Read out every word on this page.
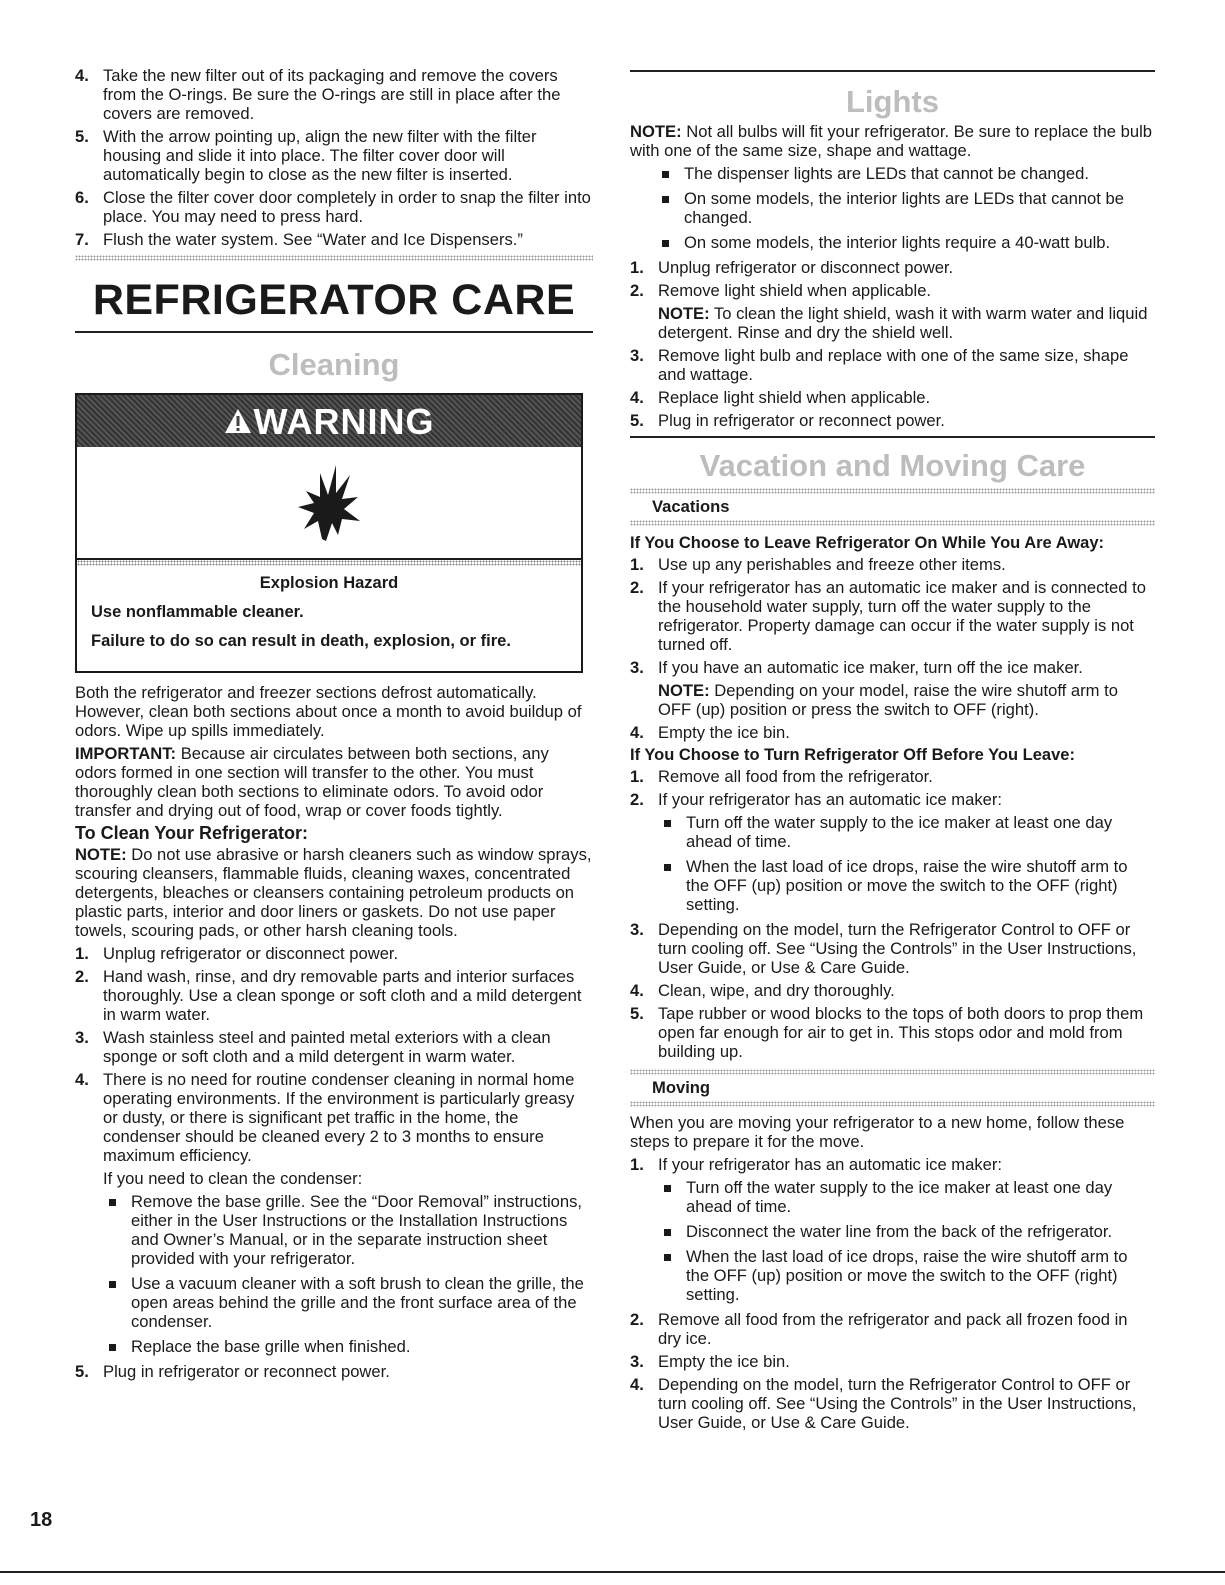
4. Take the new filter out of its packaging and remove the covers from the O-rings. Be sure the O-rings are still in place after the covers are removed.
5. With the arrow pointing up, align the new filter with the filter housing and slide it into place. The filter cover door will automatically begin to close as the new filter is inserted.
6. Close the filter cover door completely in order to snap the filter into place. You may need to press hard.
7. Flush the water system. See “Water and Ice Dispensers.”
REFRIGERATOR CARE
Cleaning
WARNING
Explosion Hazard
Use nonflammable cleaner.
Failure to do so can result in death, explosion, or fire.

Both the refrigerator and freezer sections defrost automatically. However, clean both sections about once a month to avoid buildup of odors. Wipe up spills immediately.

IMPORTANT: Because air circulates between both sections, any odors formed in one section will transfer to the other. You must thoroughly clean both sections to eliminate odors. To avoid odor transfer and drying out of food, wrap or cover foods tightly.

To Clean Your Refrigerator:

NOTE: Do not use abrasive or harsh cleaners such as window sprays, scouring cleansers, flammable fluids, cleaning waxes, concentrated detergents, bleaches or cleansers containing petroleum products on plastic parts, interior and door liners or gaskets. Do not use paper towels, scouring pads, or other harsh cleaning tools.

1. Unplug refrigerator or disconnect power.
2. Hand wash, rinse, and dry removable parts and interior surfaces thoroughly. Use a clean sponge or soft cloth and a mild detergent in warm water.
3. Wash stainless steel and painted metal exteriors with a clean sponge or soft cloth and a mild detergent in warm water.
4. There is no need for routine condenser cleaning in normal home operating environments. If the environment is particularly greasy or dusty, or there is significant pet traffic in the home, the condenser should be cleaned every 2 to 3 months to ensure maximum efficiency.

If you need to clean the condenser:

Remove the base grille. See the “Door Removal” instructions, either in the User Instructions or the Installation Instructions and Owner’s Manual, or in the separate instruction sheet provided with your refrigerator.
Use a vacuum cleaner with a soft brush to clean the grille, the open areas behind the grille and the front surface area of the condenser.
Replace the base grille when finished.
5. Plug in refrigerator or reconnect power.
Lights

NOTE: Not all bulbs will fit your refrigerator. Be sure to replace the bulb with one of the same size, shape and wattage.

The dispenser lights are LEDs that cannot be changed.
On some models, the interior lights are LEDs that cannot be changed.
On some models, the interior lights require a 40-watt bulb.
1. Unplug refrigerator or disconnect power.
2. Remove light shield when applicable.

NOTE: To clean the light shield, wash it with warm water and liquid detergent. Rinse and dry the shield well.

3. Remove light bulb and replace with one of the same size, shape and wattage.
4. Replace light shield when applicable.
5. Plug in refrigerator or reconnect power.
Vacation and Moving Care
Vacations
If You Choose to Leave Refrigerator On While You Are Away:
1. Use up any perishables and freeze other items.
2. If your refrigerator has an automatic ice maker and is connected to the household water supply, turn off the water supply to the refrigerator. Property damage can occur if the water supply is not turned off.
3. If you have an automatic ice maker, turn off the ice maker.

NOTE: Depending on your model, raise the wire shutoff arm to OFF (up) position or press the switch to OFF (right).

4. Empty the ice bin.
If You Choose to Turn Refrigerator Off Before You Leave:
1. Remove all food from the refrigerator.
2. If your refrigerator has an automatic ice maker:
Turn off the water supply to the ice maker at least one day ahead of time.
When the last load of ice drops, raise the wire shutoff arm to the OFF (up) position or move the switch to the OFF (right) setting.
3. Depending on the model, turn the Refrigerator Control to OFF or turn cooling off. See “Using the Controls” in the User Instructions, User Guide, or Use & Care Guide.
4. Clean, wipe, and dry thoroughly.
5. Tape rubber or wood blocks to the tops of both doors to prop them open far enough for air to get in. This stops odor and mold from building up.
Moving

When you are moving your refrigerator to a new home, follow these steps to prepare it for the move.

1. If your refrigerator has an automatic ice maker:
Turn off the water supply to the ice maker at least one day ahead of time.
Disconnect the water line from the back of the refrigerator.
When the last load of ice drops, raise the wire shutoff arm to the OFF (up) position or move the switch to the OFF (right) setting.
2. Remove all food from the refrigerator and pack all frozen food in dry ice.
3. Empty the ice bin.
4. Depending on the model, turn the Refrigerator Control to OFF or turn cooling off. See “Using the Controls” in the User Instructions, User Guide, or Use & Care Guide.
18
